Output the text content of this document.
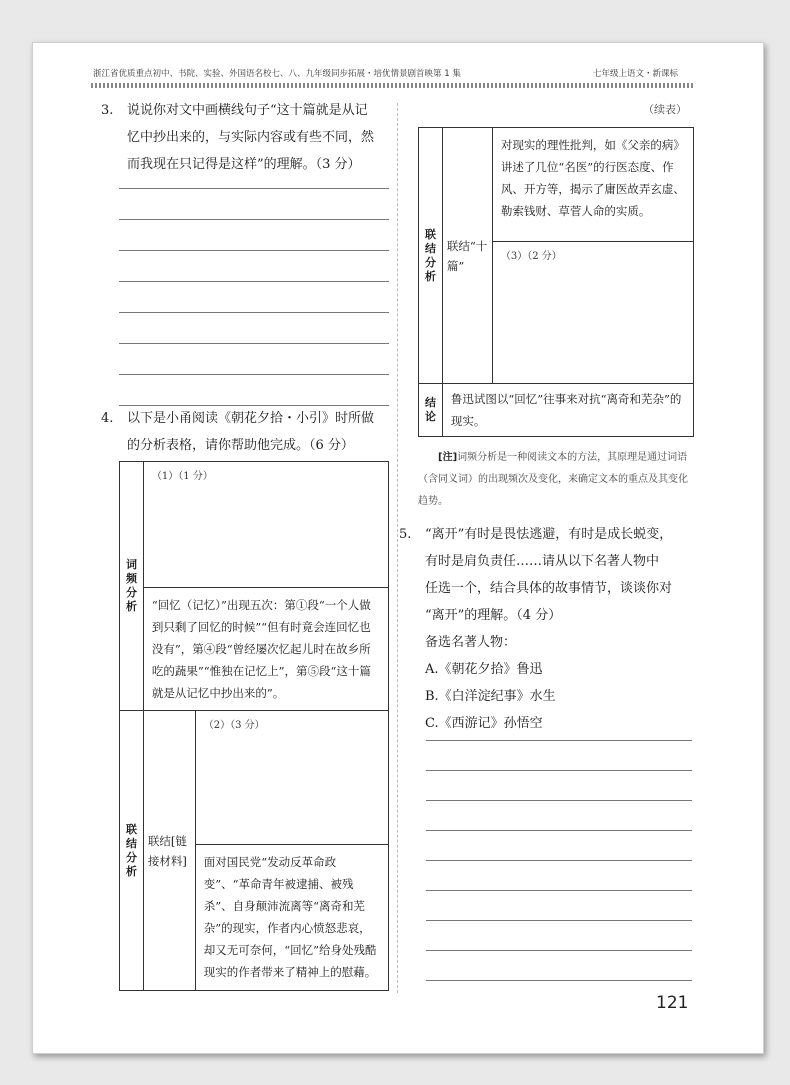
浙江省优质重点初中、书院、实验、外国语名校七、八、九年级同步拓展・培优情景剧首映第 1 集	七年级上语文・新课标
3. 说说你对文中画横线句子“这十篇就是从记
忆中抄出来的，与实际内容或有些不同，然
而我现在只记得是这样”的理解。（3 分）
4. 以下是小甬阅读《朝花夕拾・小引》时所做
的分析表格，请你帮助他完成。（6 分）
词
频
分
析	（1）（1 分）	

	“回忆（记忆）”出现五次：第①段“一个人做到只剩了回忆的时候”“但有时竟会连回忆也没有”，第④段“曾经屡次忆起儿时在故乡所吃的蔬果”“惟独在记忆上”，第⑤段“这十篇就是从记忆中抄出来的”。	

联
结
分
析	联结[链接材料]	（2）（3 分）

		面对国民党“发动反革命政变”、“革命青年被逮捕、被残杀”、自身颠沛流离等“离奇和芜杂”的现实，作者内心愤怒悲哀，却又无可奈何，“回忆”给身处残酷现实的作者带来了精神上的慰藉。
（续表）
联
结
分
析	联结“十篇”	对现实的理性批判，如《父亲的病》讲述了几位“名医”的行医态度、作风、开方等，揭示了庸医故弄玄虚、勒索钱财、草菅人命的实质。

		（3）（2 分）

结
论	鲁迅试图以“回忆”往事来对抗“离奇和芜杂”的现实。	
[注]词频分析是一种阅读文本的方法，其原理是通过词语（含同义词）的出现频次及变化，来确定文本的重点及其变化趋势。
5. “离开”有时是畏怯逃避，有时是成长蜕变，
有时是肩负责任……请从以下名著人物中
任选一个，结合具体的故事情节，谈谈你对
“离开”的理解。（4 分）
备选名著人物：
A.《朝花夕拾》鲁迅
B.《白洋淀纪事》水生
C.《西游记》孙悟空
121
